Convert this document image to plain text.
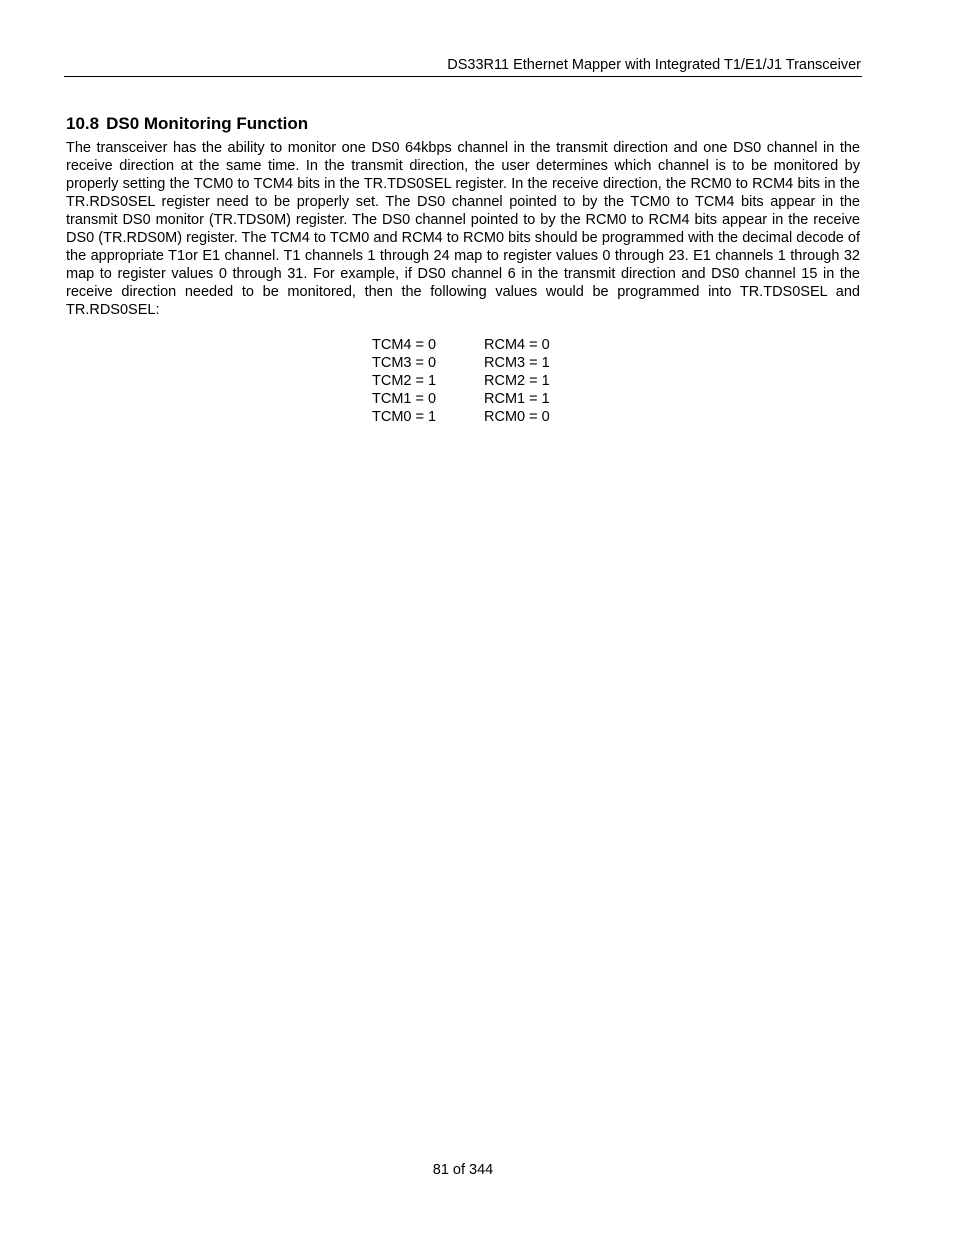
DS33R11 Ethernet Mapper with Integrated T1/E1/J1 Transceiver
10.8 DS0 Monitoring Function

The transceiver has the ability to monitor one DS0 64kbps channel in the transmit direction and one DS0 channel in the receive direction at the same time. In the transmit direction, the user determines which channel is to be monitored by properly setting the TCM0 to TCM4 bits in the TR.TDS0SEL register. In the receive direction, the RCM0 to RCM4 bits in the TR.RDS0SEL register need to be properly set. The DS0 channel pointed to by the TCM0 to TCM4 bits appear in the transmit DS0 monitor (TR.TDS0M) register. The DS0 channel pointed to by the RCM0 to RCM4 bits appear in the receive DS0 (TR.RDS0M) register. The TCM4 to TCM0 and RCM4 to RCM0 bits should be programmed with the decimal decode of the appropriate T1or E1 channel. T1 channels 1 through 24 map to register values 0 through 23. E1 channels 1 through 32 map to register values 0 through 31. For example, if DS0 channel 6 in the transmit direction and DS0 channel 15 in the receive direction needed to be monitored, then the following values would be programmed into TR.TDS0SEL and TR.RDS0SEL:

TCM4 = 0	RCM4 = 0
TCM3 = 0	RCM3 = 1
TCM2 = 1	RCM2 = 1
TCM1 = 0	RCM1 = 1
TCM0 = 1	RCM0 = 0
81 of 344
